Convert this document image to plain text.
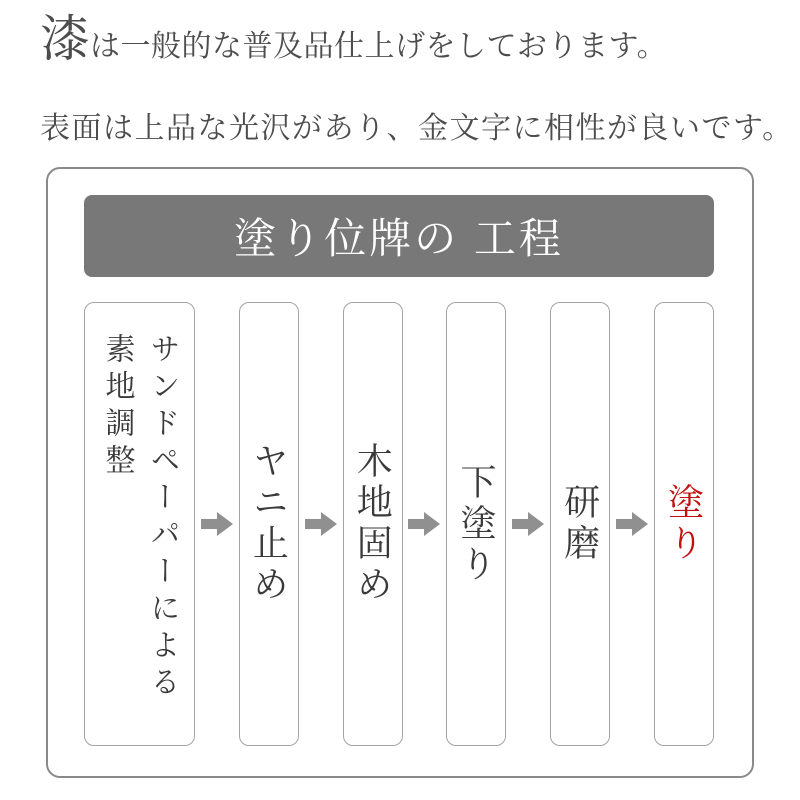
漆 は一般的な普及品仕上げをしております。
表面は上品な光沢があり、金文字に相性が良いです。
塗り位牌の 工程
サンドペーパーによる
素地調整
ヤニ止め 木地固め 下塗り 研磨 塗り
